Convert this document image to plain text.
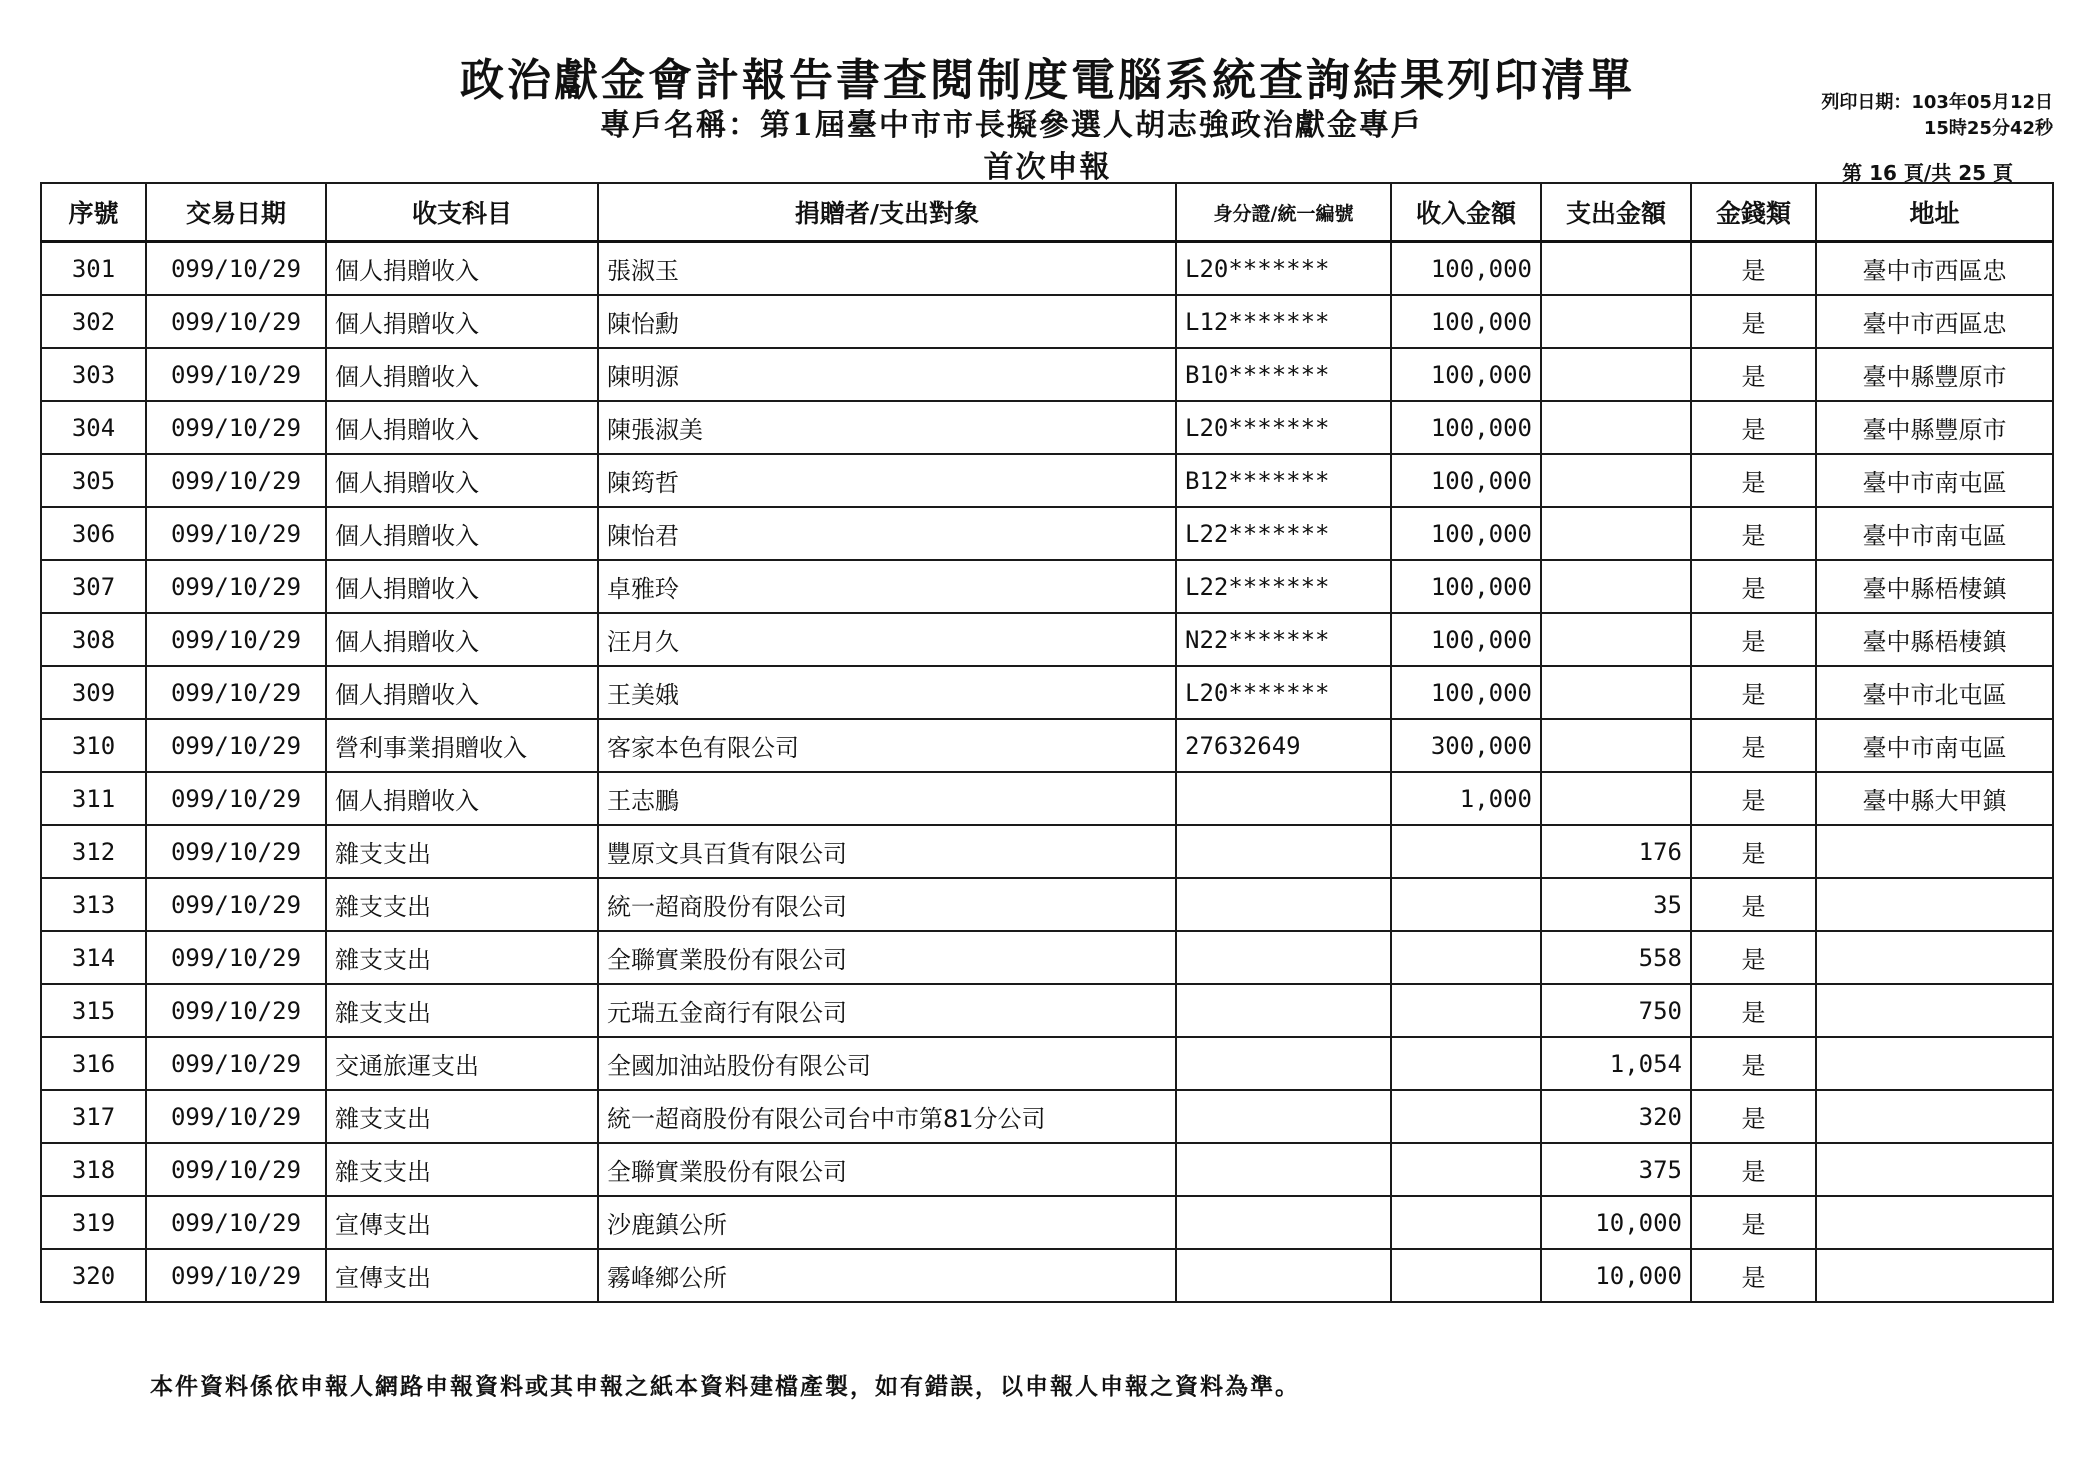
政治獻金會計報告書查閱制度電腦系統查詢結果列印清單
專戶名稱：第1屆臺中市市長擬參選人胡志強政治獻金專戶
首次申報
列印日期：103年05月12日
15時25分42秒
第 16 頁/共 25 頁
序號	交易日期	收支科目	捐贈者/支出對象	身分證/統一編號	收入金額	支出金額	金錢類	地址
301	099/10/29	個人捐贈收入	張淑玉	L20*******	100,000		是	臺中市西區忠
302	099/10/29	個人捐贈收入	陳怡勳	L12*******	100,000		是	臺中市西區忠
303	099/10/29	個人捐贈收入	陳明源	B10*******	100,000		是	臺中縣豐原市
304	099/10/29	個人捐贈收入	陳張淑美	L20*******	100,000		是	臺中縣豐原市
305	099/10/29	個人捐贈收入	陳筠哲	B12*******	100,000		是	臺中市南屯區
306	099/10/29	個人捐贈收入	陳怡君	L22*******	100,000		是	臺中市南屯區
307	099/10/29	個人捐贈收入	卓雅玲	L22*******	100,000		是	臺中縣梧棲鎮
308	099/10/29	個人捐贈收入	汪月久	N22*******	100,000		是	臺中縣梧棲鎮
309	099/10/29	個人捐贈收入	王美娥	L20*******	100,000		是	臺中市北屯區
310	099/10/29	營利事業捐贈收入	客家本色有限公司	27632649	300,000		是	臺中市南屯區
311	099/10/29	個人捐贈收入	王志鵬		1,000		是	臺中縣大甲鎮
312	099/10/29	雜支支出	豐原文具百貨有限公司			176	是	
313	099/10/29	雜支支出	統一超商股份有限公司			35	是	
314	099/10/29	雜支支出	全聯實業股份有限公司			558	是	
315	099/10/29	雜支支出	元瑞五金商行有限公司			750	是	
316	099/10/29	交通旅運支出	全國加油站股份有限公司			1,054	是	
317	099/10/29	雜支支出	統一超商股份有限公司台中市第81分公司			320	是	
318	099/10/29	雜支支出	全聯實業股份有限公司			375	是	
319	099/10/29	宣傳支出	沙鹿鎮公所			10,000	是	
320	099/10/29	宣傳支出	霧峰鄉公所			10,000	是	
本件資料係依申報人網路申報資料或其申報之紙本資料建檔產製，如有錯誤，以申報人申報之資料為準。
